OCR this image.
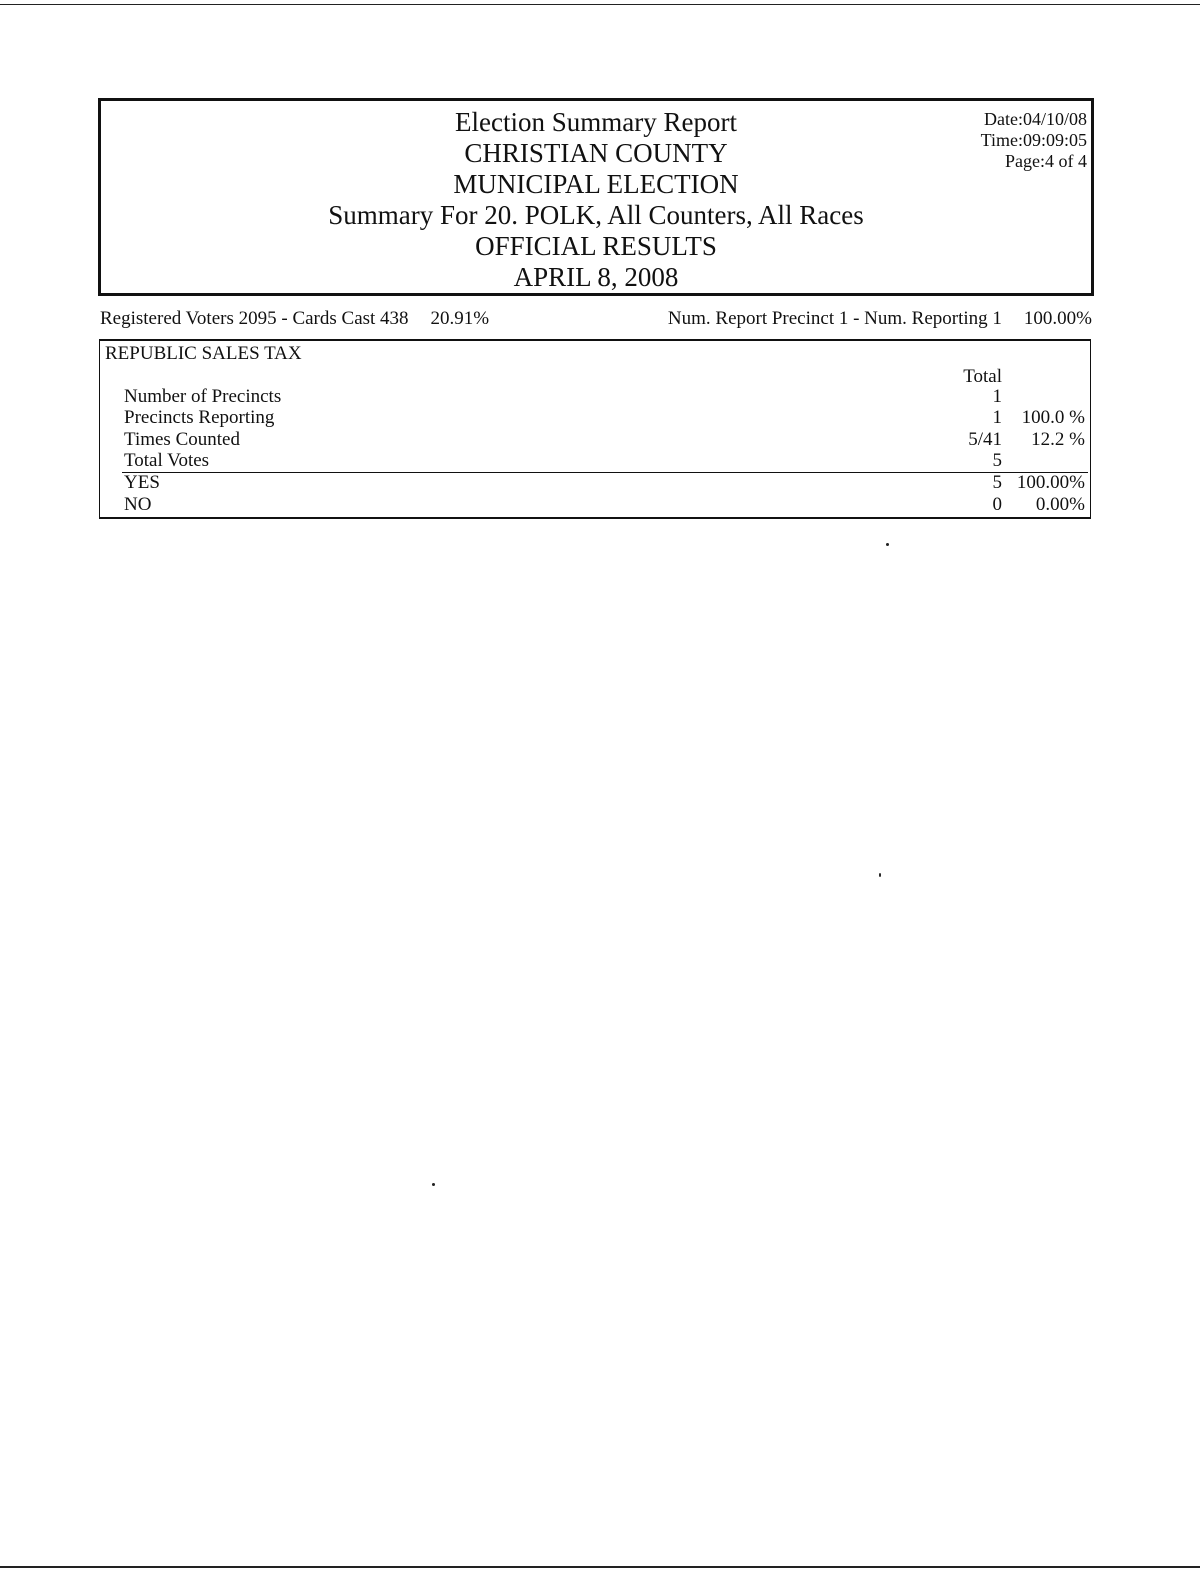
Election Summary Report
CHRISTIAN COUNTY
MUNICIPAL ELECTION
Summary For 20. POLK, All Counters, All Races
OFFICIAL RESULTS
APRIL 8, 2008
Date:04/10/08
Time:09:09:05
Page:4 of 4
Registered Voters 2095 - Cards Cast 438 20.91%	Num. Report Precinct 1 - Num. Reporting 1 100.00%
REPUBLIC SALES TAX
Total
Number of Precincts	1
Precincts Reporting	1	100.0 %
Times Counted	5/41	12.2 %
Total Votes	5
YES	5 100.00%
NO	0	0.00%
